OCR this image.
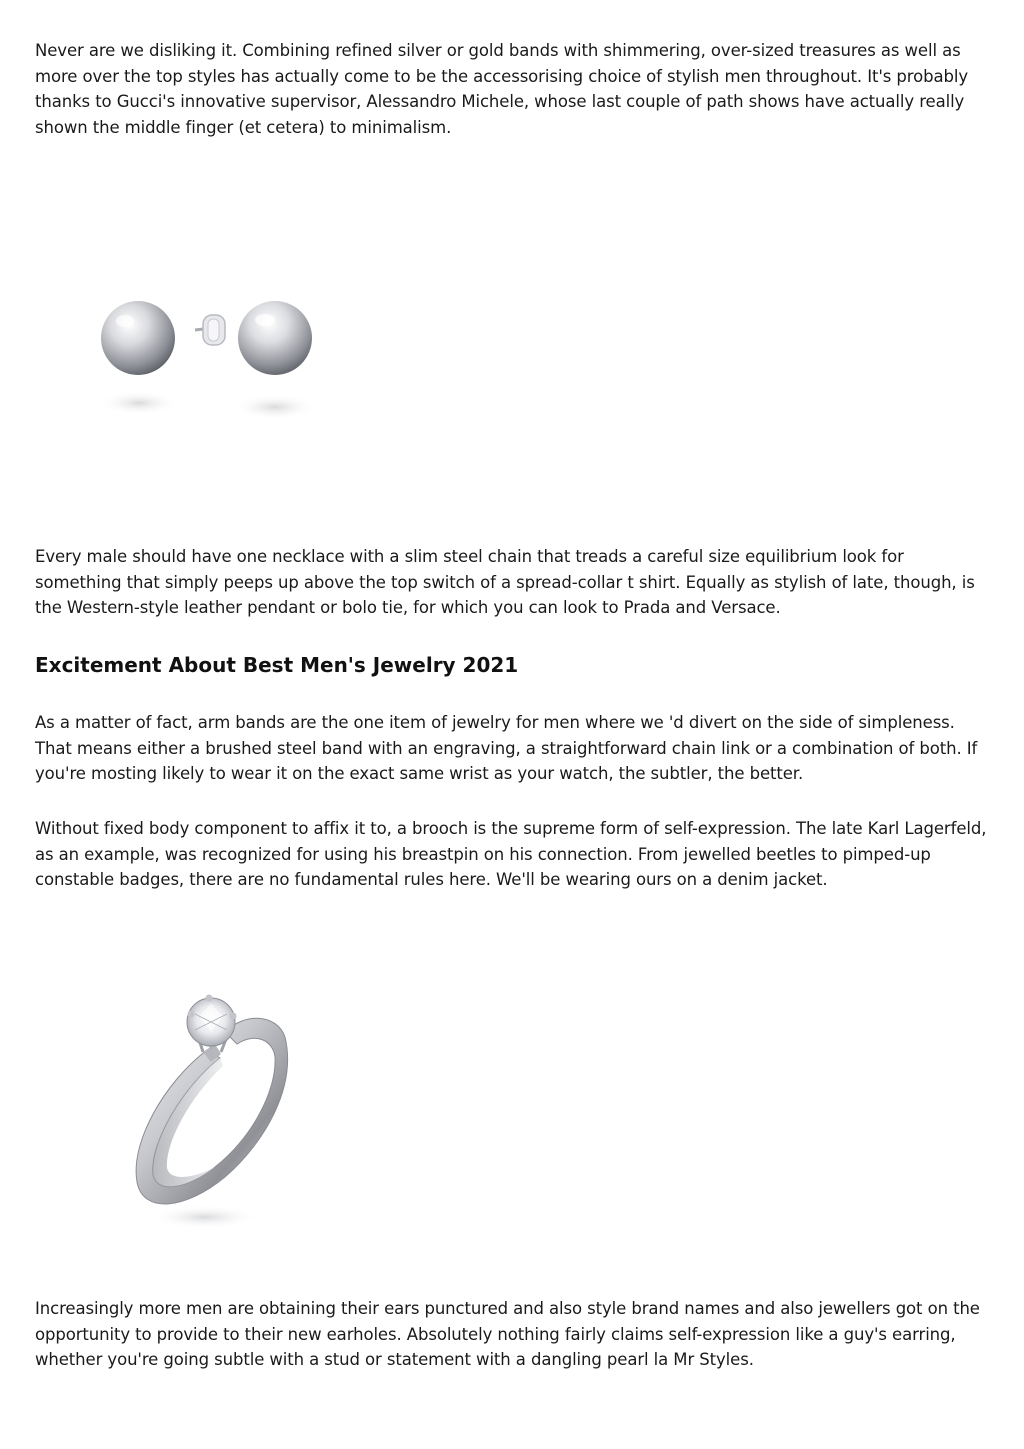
Never are we disliking it. Combining refined silver or gold bands with shimmering, over-sized treasures as well as more over the top styles has actually come to be the accessorising choice of stylish men throughout. It's probably thanks to Gucci's innovative supervisor, Alessandro Michele, whose last couple of path shows have actually really shown the middle finger (et cetera) to minimalism.

Every male should have one necklace with a slim steel chain that treads a careful size equilibrium look for something that simply peeps up above the top switch of a spread-collar t shirt. Equally as stylish of late, though, is the Western-style leather pendant or bolo tie, for which you can look to Prada and Versace.

Excitement About Best Men's Jewelry 2021

As a matter of fact, arm bands are the one item of jewelry for men where we 'd divert on the side of simpleness. That means either a brushed steel band with an engraving, a straightforward chain link or a combination of both. If you're mosting likely to wear it on the exact same wrist as your watch, the subtler, the better.

Without fixed body component to affix it to, a brooch is the supreme form of self-expression. The late Karl Lagerfeld, as an example, was recognized for using his breastpin on his connection. From jewelled beetles to pimped-up constable badges, there are no fundamental rules here. We'll be wearing ours on a denim jacket.

Increasingly more men are obtaining their ears punctured and also style brand names and also jewellers got on the opportunity to provide to their new earholes. Absolutely nothing fairly claims self-expression like a guy's earring, whether you're going subtle with a stud or statement with a dangling pearl la Mr Styles.
